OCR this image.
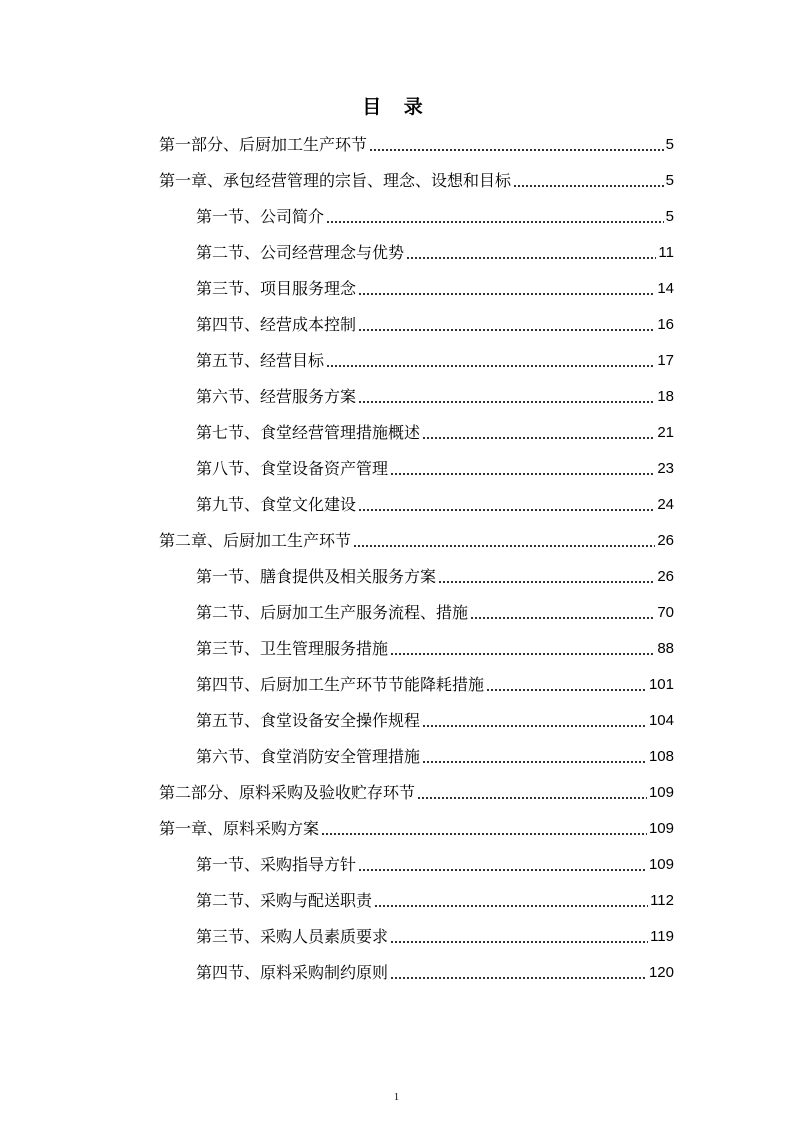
目 录
第一部分、后厨加工生产环节	5
第一章、承包经营管理的宗旨、理念、设想和目标	5
第一节、公司简介	5
第二节、公司经营理念与优势	11
第三节、项目服务理念	14
第四节、经营成本控制	16
第五节、经营目标	17
第六节、经营服务方案	18
第七节、食堂经营管理措施概述	21
第八节、食堂设备资产管理	23
第九节、食堂文化建设	24
第二章、后厨加工生产环节	26
第一节、膳食提供及相关服务方案	26
第二节、后厨加工生产服务流程、措施	70
第三节、卫生管理服务措施	88
第四节、后厨加工生产环节节能降耗措施	101
第五节、食堂设备安全操作规程	104
第六节、食堂消防安全管理措施	108
第二部分、原料采购及验收贮存环节	109
第一章、原料采购方案	109
第一节、采购指导方针	109
第二节、采购与配送职责	112
第三节、采购人员素质要求	119
第四节、原料采购制约原则	120
1
